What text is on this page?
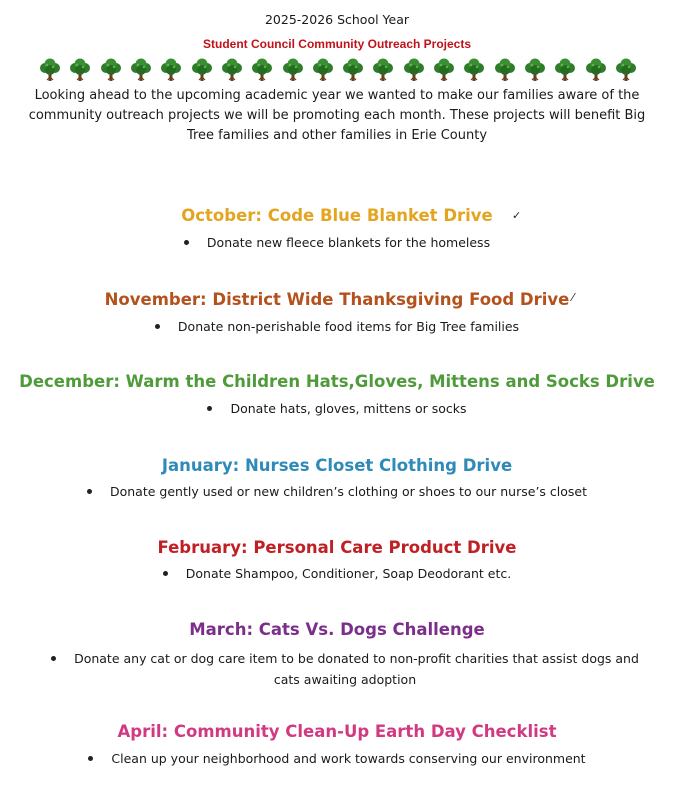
2025-2026 School Year
Student Council Community Outreach Projects
Looking ahead to the upcoming academic year we wanted to make our families aware of the community outreach projects we will be promoting each month. These projects will benefit Big Tree families and other families in Erie County
October: Code Blue Blanket Drive	✓
Donate new fleece blankets for the homeless
November: District Wide Thanksgiving Food Drive ⁄
Donate non-perishable food items for Big Tree families
December: Warm the Children Hats,Gloves, Mittens and Socks Drive
Donate hats, gloves, mittens or socks
January: Nurses Closet Clothing Drive
Donate gently used or new children’s clothing or shoes to our nurse’s closet
February: Personal Care Product Drive
Donate Shampoo, Conditioner, Soap Deodorant etc.
March: Cats Vs. Dogs Challenge
Donate any cat or dog care item to be donated to non-profit charities that assist dogs and cats awaiting adoption
April: Community Clean-Up Earth Day Checklist
Clean up your neighborhood and work towards conserving our environment
